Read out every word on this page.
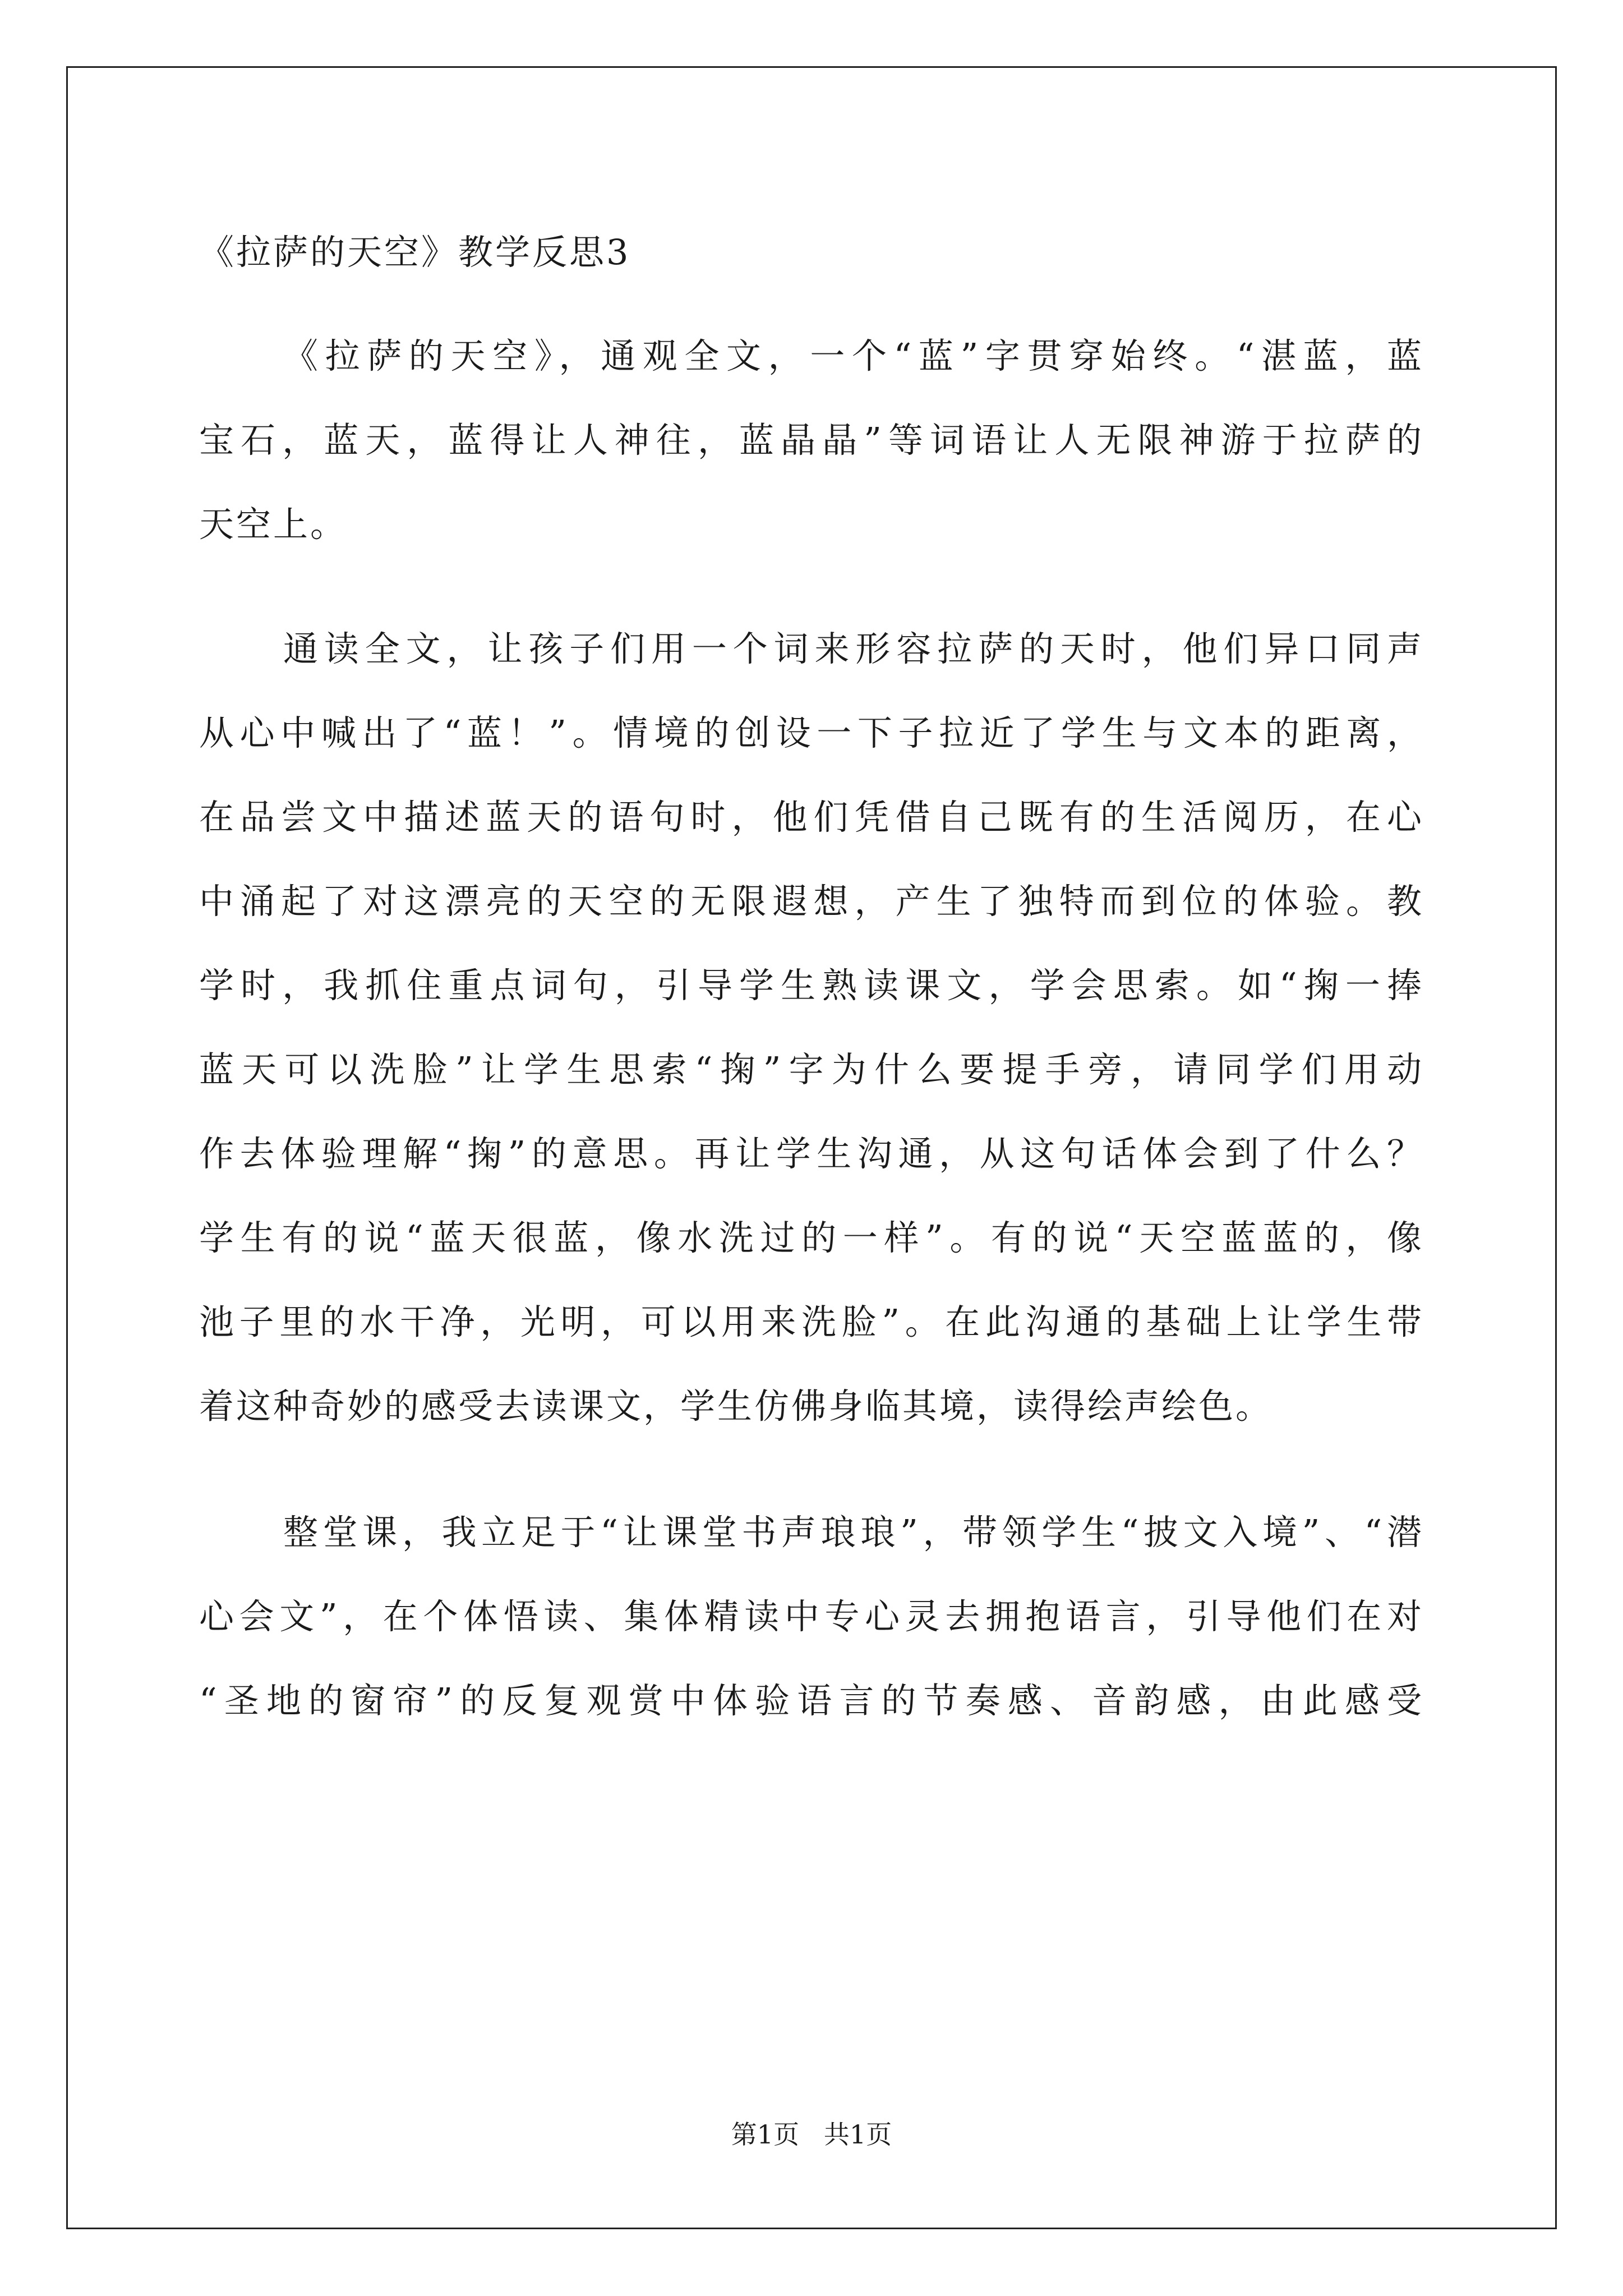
《拉萨的天空》教学反思3

《拉萨的天空》，通观全文，一个“蓝”字贯穿始终。“湛蓝，蓝

宝石，蓝天，蓝得让人神往，蓝晶晶”等词语让人无限神游于拉萨的

天空上。

通读全文，让孩子们用一个词来形容拉萨的天时，他们异口同声

从心中喊出了“蓝！”。情境的创设一下子拉近了学生与文本的距离，

在品尝文中描述蓝天的语句时，他们凭借自己既有的生活阅历，在心

中涌起了对这漂亮的天空的无限遐想，产生了独特而到位的体验。教

学时，我抓住重点词句，引导学生熟读课文，学会思索。如“掬一捧

蓝天可以洗脸”让学生思索“掬”字为什么要提手旁，请同学们用动

作去体验理解“掬”的意思。再让学生沟通，从这句话体会到了什么？

学生有的说“蓝天很蓝，像水洗过的一样”。有的说“天空蓝蓝的，像

池子里的水干净，光明，可以用来洗脸”。在此沟通的基础上让学生带

着这种奇妙的感受去读课文，学生仿佛身临其境，读得绘声绘色。

整堂课，我立足于“让课堂书声琅琅”，带领学生“披文入境”、“潜

心会文”，在个体悟读、集体精读中专心灵去拥抱语言，引导他们在对

“圣地的窗帘”的反复观赏中体验语言的节奏感、音韵感，由此感受

第1页   共1页
